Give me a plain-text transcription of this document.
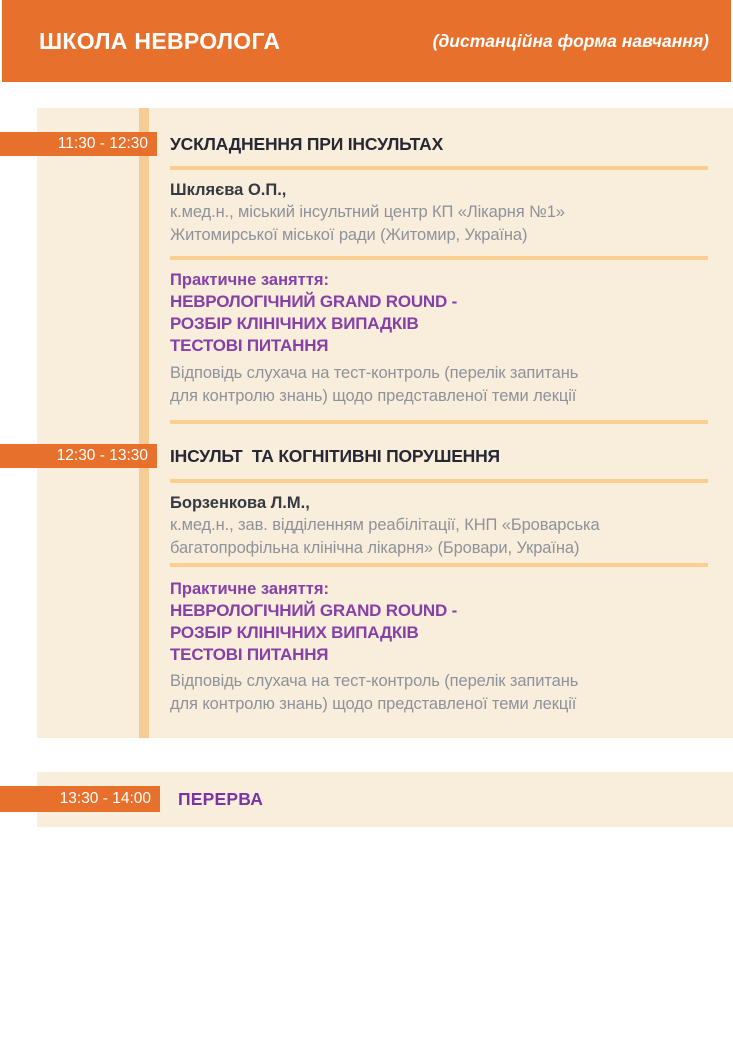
ШКОЛА НЕВРОЛОГА	(дистанційна форма навчання)
11:30 - 12:30 УСКЛАДНЕННЯ ПРИ ІНСУЛЬТАХ
Шкляєва О.П.,
к.мед.н., міський інсультний центр КП «Лікарня №1»
Житомирської міської ради (Житомир, Україна)
Практичне заняття:
НЕВРОЛОГІЧНИЙ GRAND ROUND -
РОЗБІР КЛІНІЧНИХ ВИПАДКІВ
ТЕСТОВІ ПИТАННЯ
Відповідь слухача на тест-контроль (перелік запитань
для контролю знань) щодо представленої теми лекції
12:30 - 13:30 ІНСУЛЬТ  ТА КОГНІТИВНІ ПОРУШЕННЯ
Борзенкова Л.М.,
к.мед.н., зав. відділенням реабілітації, КНП «Броварська
багатопрофільна клінічна лікарня» (Бровари, Україна)
Практичне заняття:
НЕВРОЛОГІЧНИЙ GRAND ROUND -
РОЗБІР КЛІНІЧНИХ ВИПАДКІВ
ТЕСТОВІ ПИТАННЯ
Відповідь слухача на тест-контроль (перелік запитань
для контролю знань) щодо представленої теми лекції
13:30 - 14:00 ПЕРЕРВА
